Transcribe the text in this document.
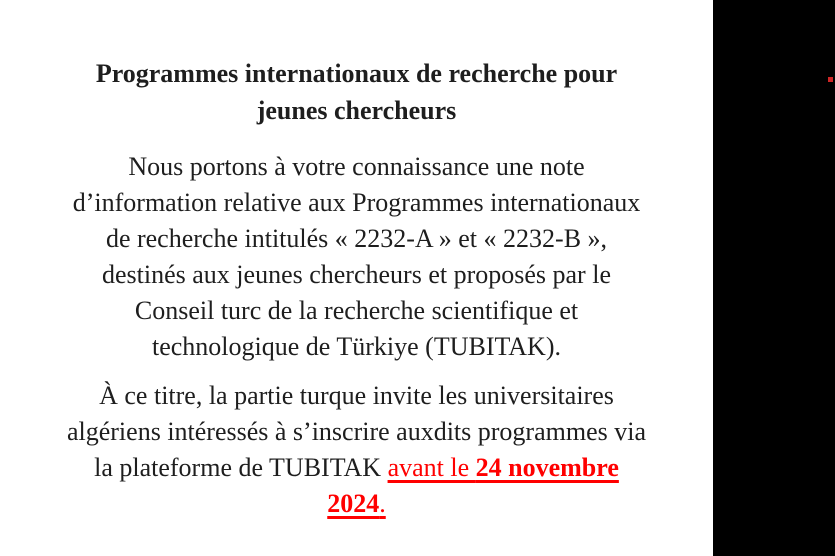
Programmes internationaux de recherche pour
jeunes chercheurs

Nous portons à votre connaissance une note
d’information relative aux Programmes internationaux
de recherche intitulés « 2232-A » et « 2232-B »,
destinés aux jeunes chercheurs et proposés par le
Conseil turc de la recherche scientifique et
technologique de Türkiye (TUBITAK).

À ce titre, la partie turque invite les universitaires
algériens intéressés à s’inscrire auxdits programmes via
la plateforme de TUBITAK avant le 24 novembre
2024.
